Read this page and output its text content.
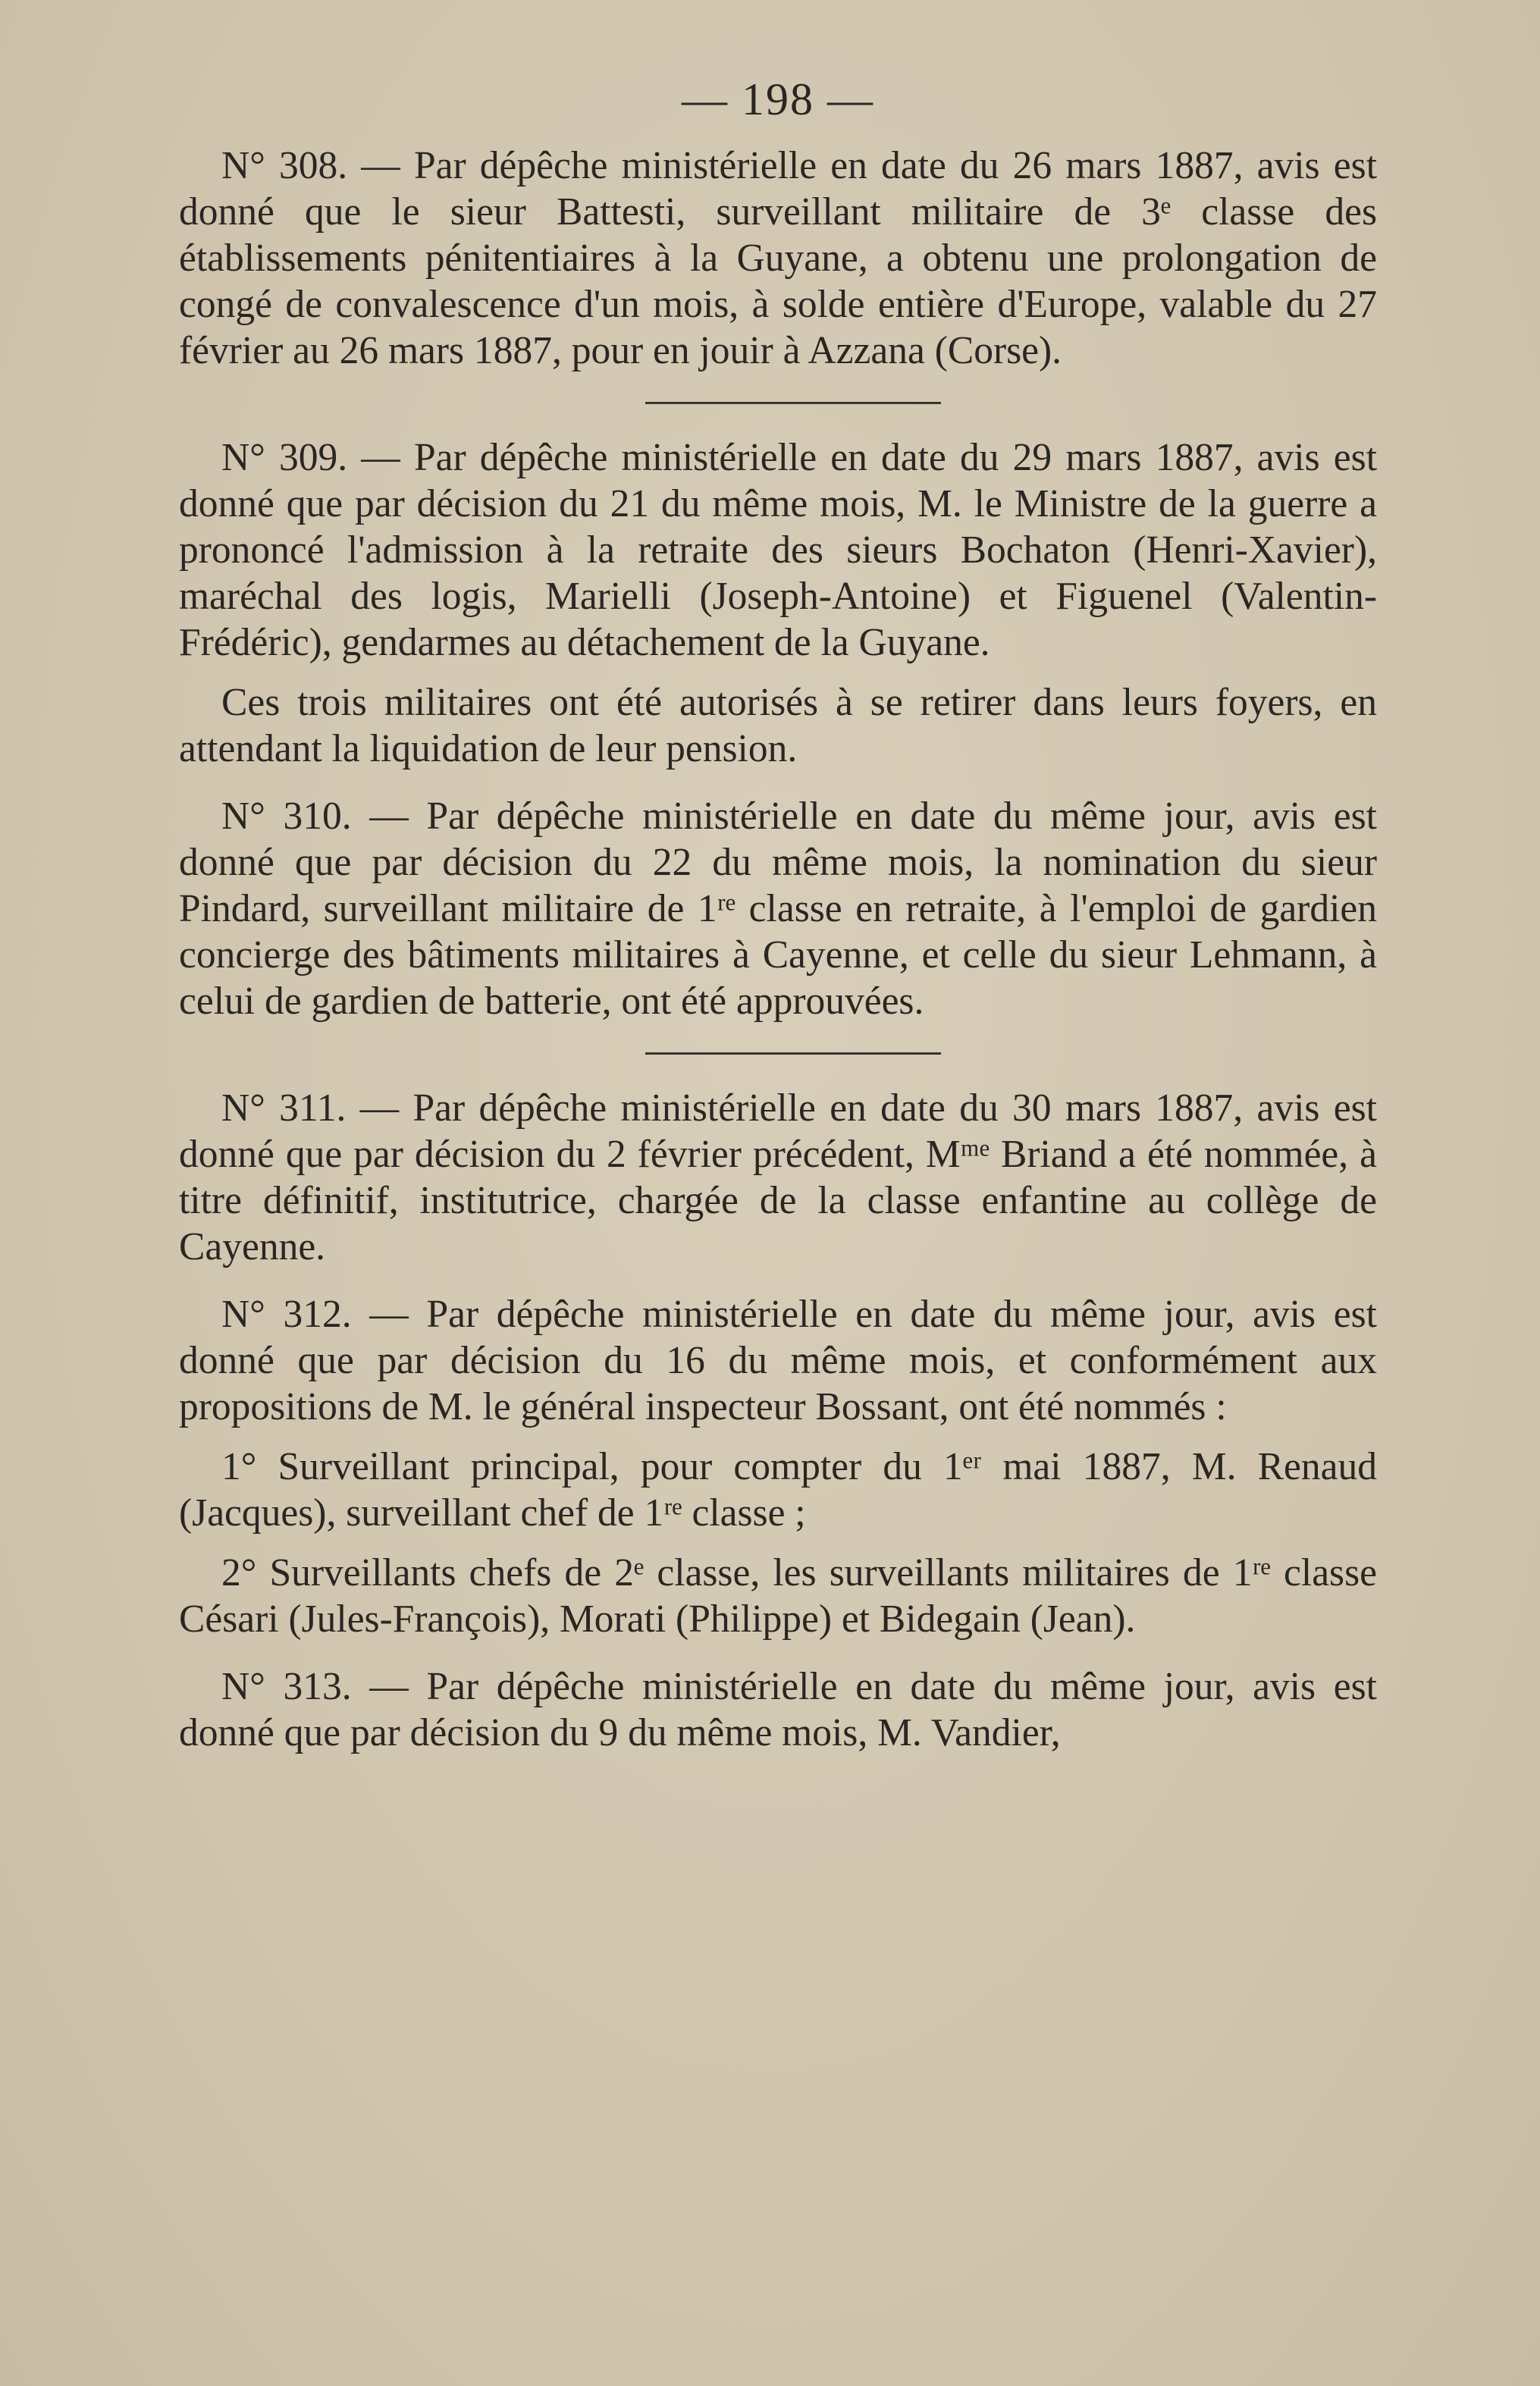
— 198 —

N° 308. — Par dépêche ministérielle en date du 26 mars 1887, avis est donné que le sieur Battesti, surveillant militaire de 3ᵉ classe des établissements pénitentiaires à la Guyane, a obtenu une prolongation de congé de convalescence d'un mois, à solde entière d'Europe, valable du 27 février au 26 mars 1887, pour en jouir à Azzana (Corse).

N° 309. — Par dépêche ministérielle en date du 29 mars 1887, avis est donné que par décision du 21 du même mois, M. le Ministre de la guerre a prononcé l'admission à la retraite des sieurs Bochaton (Henri-Xavier), maréchal des logis, Marielli (Joseph-Antoine) et Figuenel (Valentin-Frédéric), gendarmes au détachement de la Guyane.

Ces trois militaires ont été autorisés à se retirer dans leurs foyers, en attendant la liquidation de leur pension.

N° 310. — Par dépêche ministérielle en date du même jour, avis est donné que par décision du 22 du même mois, la nomination du sieur Pindard, surveillant militaire de 1ʳᵉ classe en retraite, à l'emploi de gardien concierge des bâtiments militaires à Cayenne, et celle du sieur Lehmann, à celui de gardien de batterie, ont été approuvées.

N° 311. — Par dépêche ministérielle en date du 30 mars 1887, avis est donné que par décision du 2 février précédent, Mᵐᵉ Briand a été nommée, à titre définitif, institutrice, chargée de la classe enfantine au collège de Cayenne.

N° 312. — Par dépêche ministérielle en date du même jour, avis est donné que par décision du 16 du même mois, et conformément aux propositions de M. le général inspecteur Bossant, ont été nommés :

1° Surveillant principal, pour compter du 1ᵉʳ mai 1887, M. Renaud (Jacques), surveillant chef de 1ʳᵉ classe ;

2° Surveillants chefs de 2ᵉ classe, les surveillants militaires de 1ʳᵉ classe Césari (Jules-François), Morati (Philippe) et Bidegain (Jean).

N° 313. — Par dépêche ministérielle en date du même jour, avis est donné que par décision du 9 du même mois, M. Vandier,
